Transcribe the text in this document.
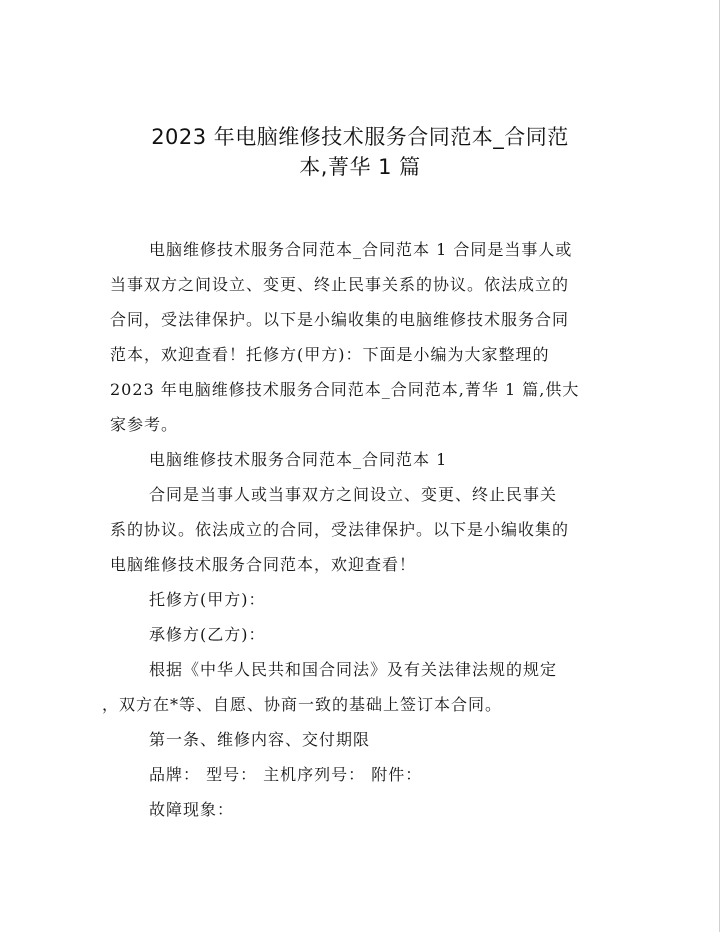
2023 年电脑维修技术服务合同范本_合同范
本,菁华 1 篇
电脑维修技术服务合同范本_合同范本 1 合同是当事人或
当事双方之间设立、变更、终止民事关系的协议。依法成立的
合同，受法律保护。以下是小编收集的电脑维修技术服务合同
范本，欢迎查看！托修方(甲方)：下面是小编为大家整理的
2023 年电脑维修技术服务合同范本_合同范本,菁华 1 篇,供大
家参考。
电脑维修技术服务合同范本_合同范本 1
合同是当事人或当事双方之间设立、变更、终止民事关
系的协议。依法成立的合同，受法律保护。以下是小编收集的
电脑维修技术服务合同范本，欢迎查看！
托修方(甲方)：
承修方(乙方)：
根据《中华人民共和国合同法》及有关法律法规的规定
，双方在*等、自愿、协商一致的基础上签订本合同。
第一条、维修内容、交付期限
品牌： 型号： 主机序列号： 附件：
故障现象：
